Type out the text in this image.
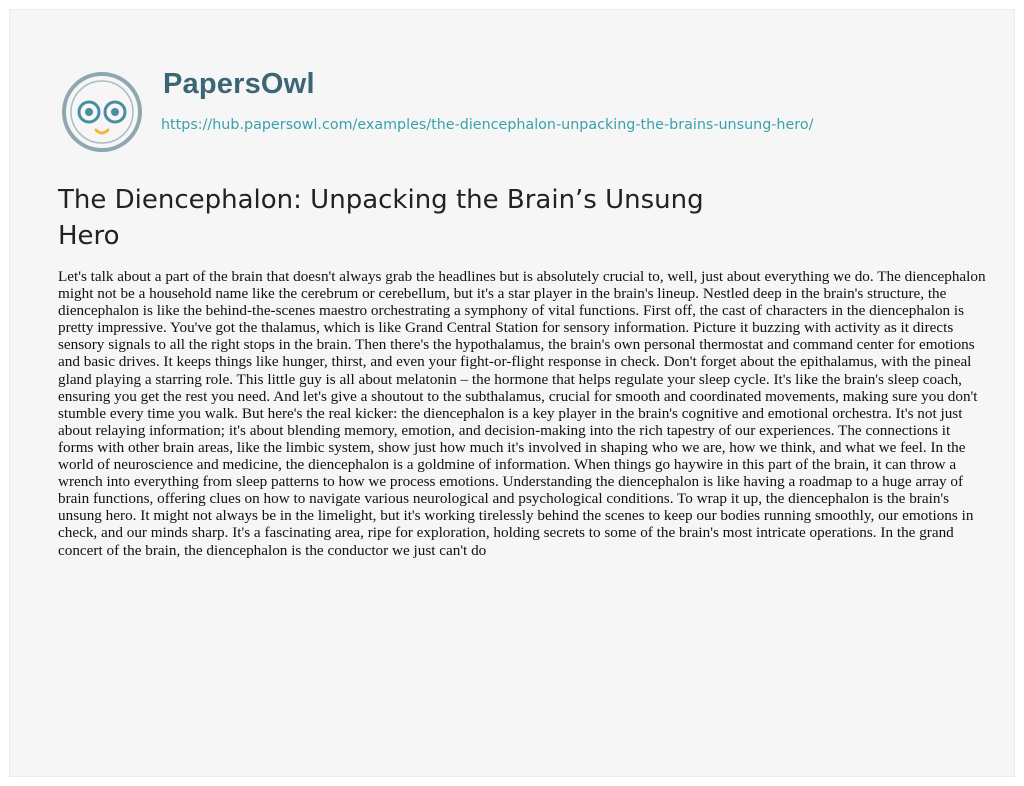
PapersOwl
https://hub.papersowl.com/examples/the-diencephalon-unpacking-the-brains-unsung-hero/
The Diencephalon: Unpacking the Brain’s Unsung Hero

Let's talk about a part of the brain that doesn't always grab the headlines but is absolutely crucial to, well, just about everything we do. The diencephalon might not be a household name like the cerebrum or cerebellum, but it's a star player in the brain's lineup. Nestled deep in the brain's structure, the diencephalon is like the behind-the-scenes maestro orchestrating a symphony of vital functions. First off, the cast of characters in the diencephalon is pretty impressive. You've got the thalamus, which is like Grand Central Station for sensory information. Picture it buzzing with activity as it directs sensory signals to all the right stops in the brain. Then there's the hypothalamus, the brain's own personal thermostat and command center for emotions and basic drives. It keeps things like hunger, thirst, and even your fight-or-flight response in check. Don't forget about the epithalamus, with the pineal gland playing a starring role. This little guy is all about melatonin – the hormone that helps regulate your sleep cycle. It's like the brain's sleep coach, ensuring you get the rest you need. And let's give a shoutout to the subthalamus, crucial for smooth and coordinated movements, making sure you don't stumble every time you walk. But here's the real kicker: the diencephalon is a key player in the brain's cognitive and emotional orchestra. It's not just about relaying information; it's about blending memory, emotion, and decision-making into the rich tapestry of our experiences. The connections it forms with other brain areas, like the limbic system, show just how much it's involved in shaping who we are, how we think, and what we feel. In the world of neuroscience and medicine, the diencephalon is a goldmine of information. When things go haywire in this part of the brain, it can throw a wrench into everything from sleep patterns to how we process emotions. Understanding the diencephalon is like having a roadmap to a huge array of brain functions, offering clues on how to navigate various neurological and psychological conditions. To wrap it up, the diencephalon is the brain's unsung hero. It might not always be in the limelight, but it's working tirelessly behind the scenes to keep our bodies running smoothly, our emotions in check, and our minds sharp. It's a fascinating area, ripe for exploration, holding secrets to some of the brain's most intricate operations. In the grand concert of the brain, the diencephalon is the conductor we just can't do
